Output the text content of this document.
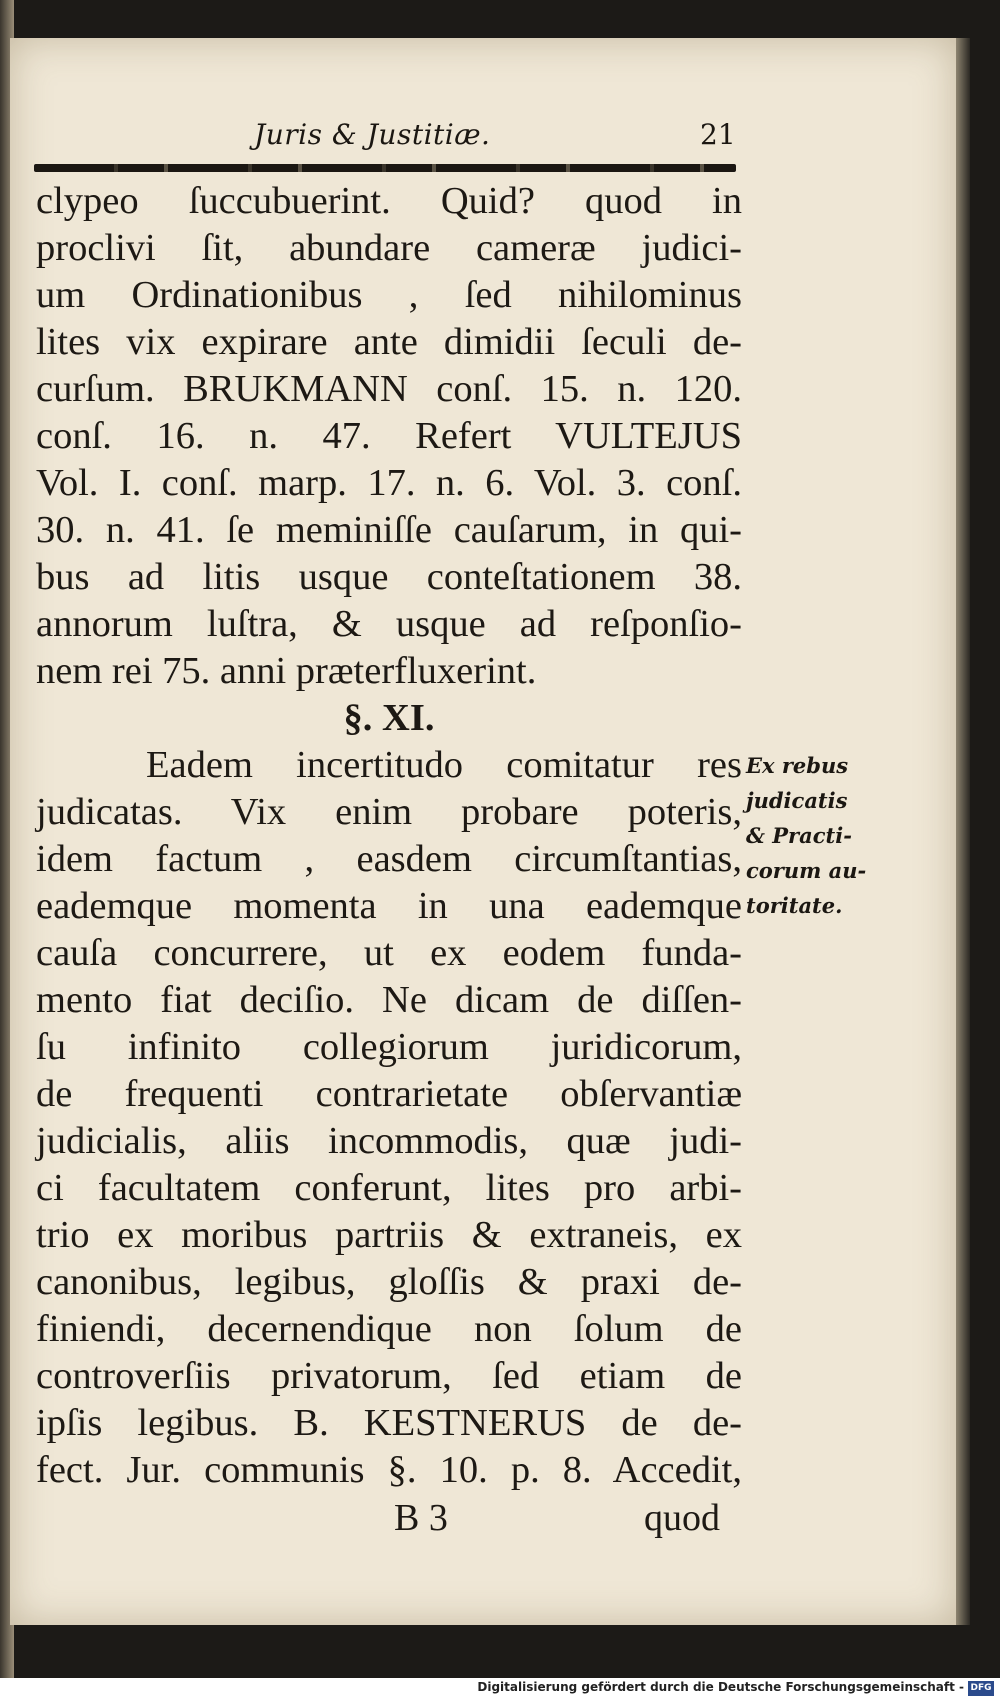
Juris & Justitiæ.	21
clypeo ſuccubuerint. Quid? quod in
proclivi ſit, abundare cameræ judici-
um Ordinationibus , ſed nihilominus
lites vix expirare ante dimidii ſeculi de-
curſum. BRUKMANN conſ. 15. n. 120.
conſ. 16. n. 47. Refert VULTEJUS
Vol. I. conſ. marp. 17. n. 6. Vol. 3. conſ.
30. n. 41. ſe meminiſſe cauſarum, in qui-
bus ad litis usque conteſtationem 38.
annorum luſtra, & usque ad reſponſio-
nem rei 75. anni præterfluxerint.
§. XI.
Eadem incertitudo comitatur res
judicatas. Vix enim probare poteris,
idem factum , easdem circumſtantias,
eademque momenta in una eademque
cauſa concurrere, ut ex eodem funda-
mento fiat deciſio. Ne dicam de diſſen-
ſu infinito collegiorum juridicorum,
de frequenti contrarietate obſervantiæ
judicialis, aliis incommodis, quæ judi-
ci facultatem conferunt, lites pro arbi-
trio ex moribus partriis & extraneis, ex
canonibus, legibus, gloſſis & praxi de-
finiendi, decernendique non ſolum de
controverſiis privatorum, ſed etiam de
ipſis legibus. B. KESTNERUS de de-
fect. Jur. communis §. 10. p. 8. Accedit,
Ex rebus
judicatis
& Practi-
corum au-
toritate.
B 3	quod
Digitalisierung gefördert durch die Deutsche Forschungsgemeinschaft - DFG
